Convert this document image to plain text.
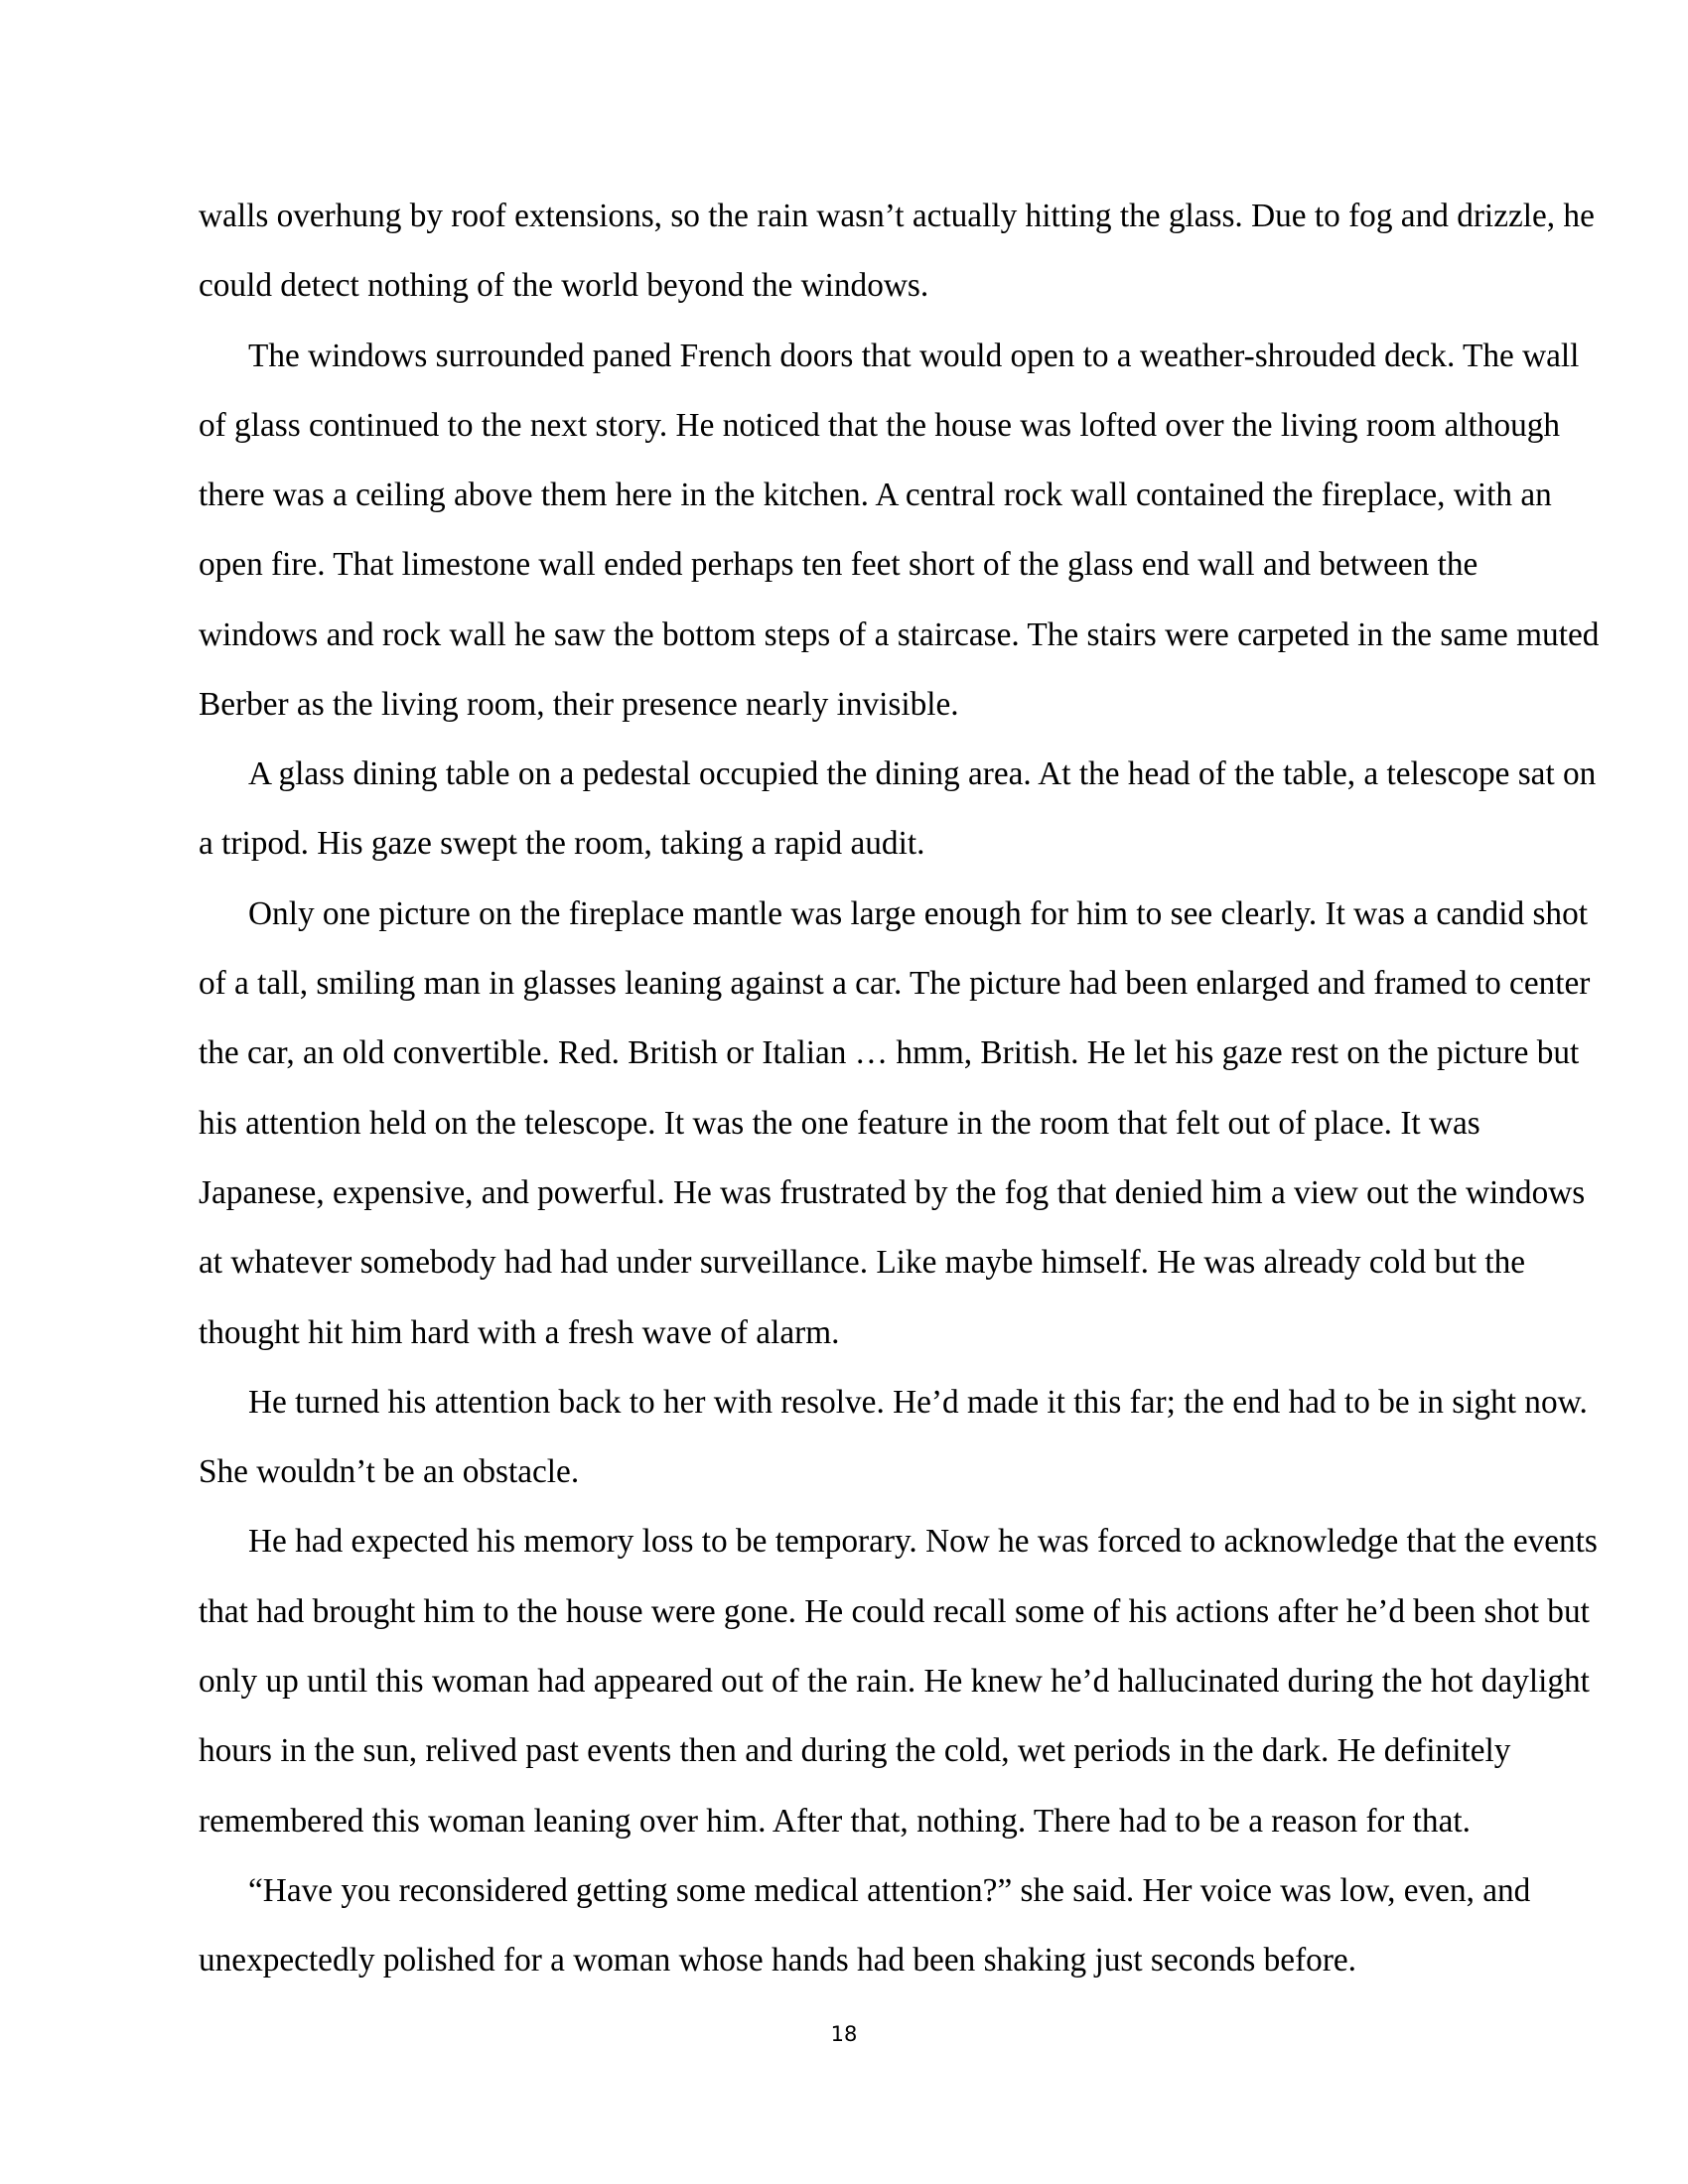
walls overhung by roof extensions, so the rain wasn’t actually hitting the glass. Due to fog and drizzle, he
could detect nothing of the world beyond the windows.
The windows surrounded paned French doors that would open to a weather-shrouded deck. The wall
of glass continued to the next story. He noticed that the house was lofted over the living room although
there was a ceiling above them here in the kitchen. A central rock wall contained the fireplace, with an
open fire. That limestone wall ended perhaps ten feet short of the glass end wall and between the
windows and rock wall he saw the bottom steps of a staircase. The stairs were carpeted in the same muted
Berber as the living room, their presence nearly invisible.
A glass dining table on a pedestal occupied the dining area. At the head of the table, a telescope sat on
a tripod. His gaze swept the room, taking a rapid audit.
Only one picture on the fireplace mantle was large enough for him to see clearly. It was a candid shot
of a tall, smiling man in glasses leaning against a car. The picture had been enlarged and framed to center
the car, an old convertible. Red. British or Italian … hmm, British. He let his gaze rest on the picture but
his attention held on the telescope. It was the one feature in the room that felt out of place. It was
Japanese, expensive, and powerful. He was frustrated by the fog that denied him a view out the windows
at whatever somebody had had under surveillance. Like maybe himself. He was already cold but the
thought hit him hard with a fresh wave of alarm.
He turned his attention back to her with resolve. He’d made it this far; the end had to be in sight now.
She wouldn’t be an obstacle.
He had expected his memory loss to be temporary. Now he was forced to acknowledge that the events
that had brought him to the house were gone. He could recall some of his actions after he’d been shot but
only up until this woman had appeared out of the rain. He knew he’d hallucinated during the hot daylight
hours in the sun, relived past events then and during the cold, wet periods in the dark. He definitely
remembered this woman leaning over him. After that, nothing. There had to be a reason for that.
“Have you reconsidered getting some medical attention?” she said. Her voice was low, even, and
unexpectedly polished for a woman whose hands had been shaking just seconds before.
18
